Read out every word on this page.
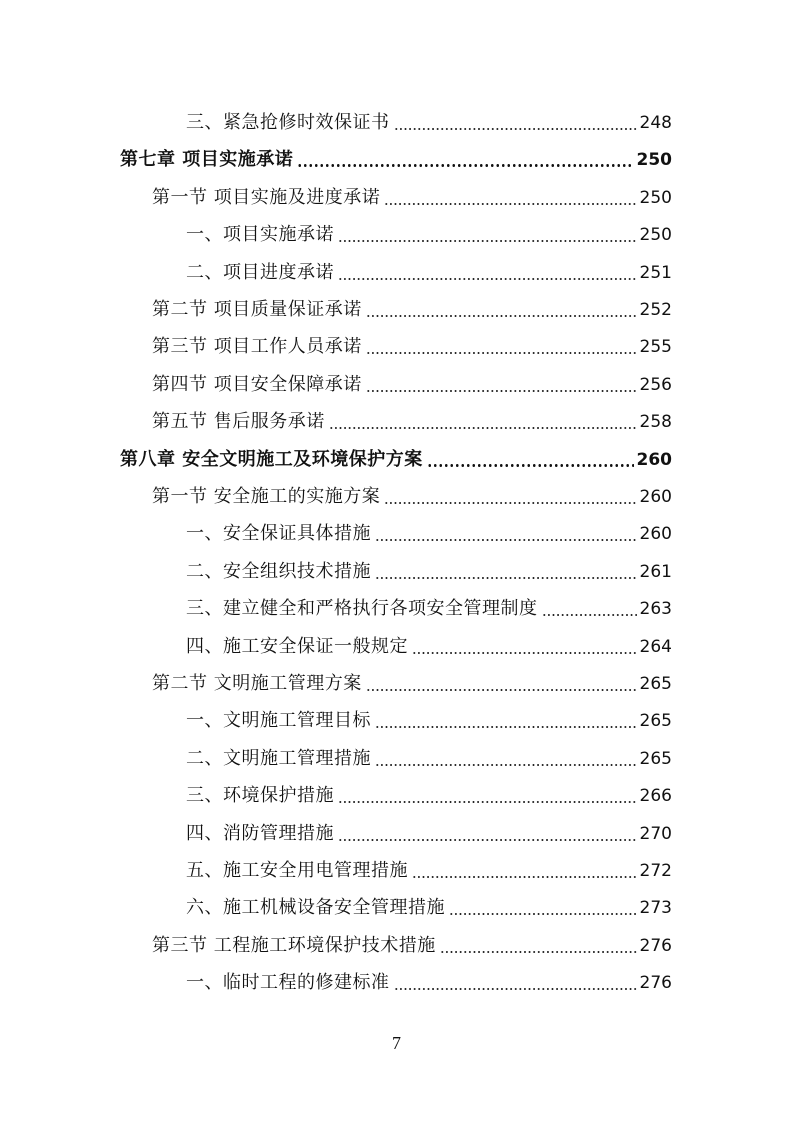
三、紧急抢修时效保证书	248
第七章 项目实施承诺	250
第一节 项目实施及进度承诺	250
一、项目实施承诺	250
二、项目进度承诺	251
第二节 项目质量保证承诺	252
第三节 项目工作人员承诺	255
第四节 项目安全保障承诺	256
第五节 售后服务承诺	258
第八章 安全文明施工及环境保护方案	260
第一节 安全施工的实施方案	260
一、安全保证具体措施	260
二、安全组织技术措施	261
三、建立健全和严格执行各项安全管理制度	263
四、施工安全保证一般规定	264
第二节 文明施工管理方案	265
一、文明施工管理目标	265
二、文明施工管理措施	265
三、环境保护措施	266
四、消防管理措施	270
五、施工安全用电管理措施	272
六、施工机械设备安全管理措施	273
第三节 工程施工环境保护技术措施	276
一、临时工程的修建标准	276
7
